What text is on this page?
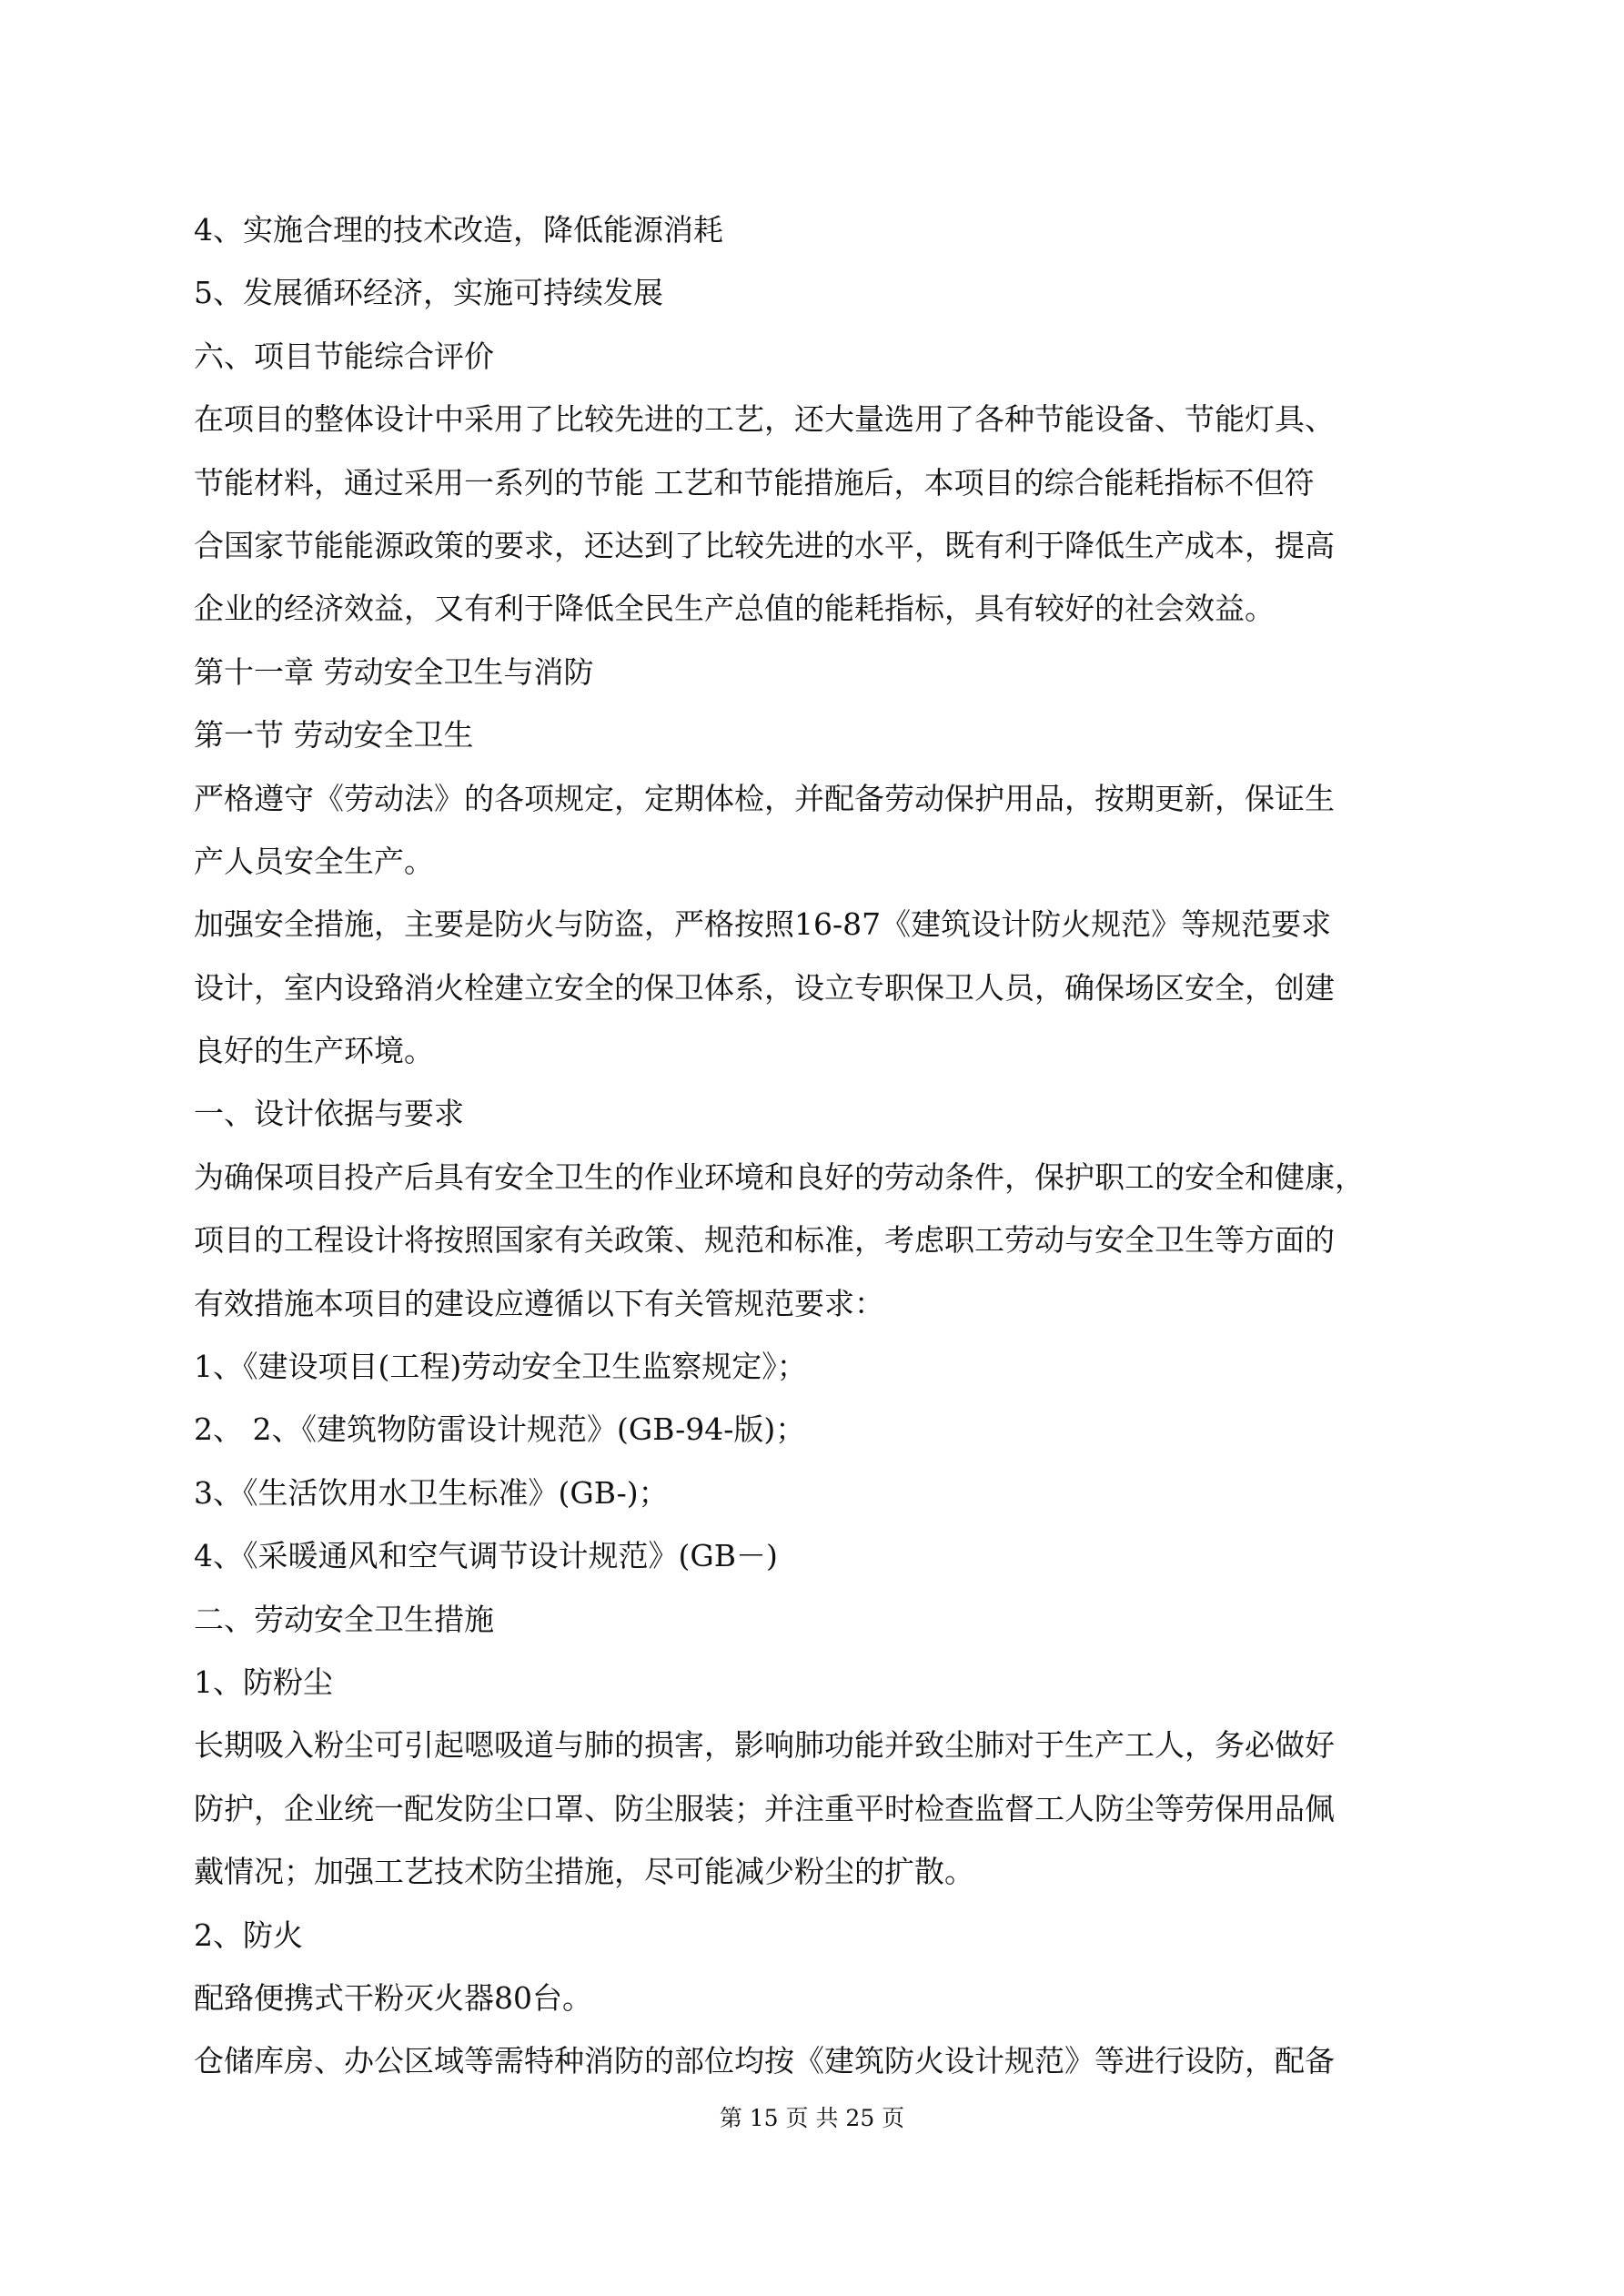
4、实施合理的技术改造，降低能源消耗
5、发展循环经济，实施可持续发展
六、项目节能综合评价
在项目的整体设计中采用了比较先进的工艺，还大量选用了各种节能设备、节能灯具、
节能材料，通过采用一系列的节能 工艺和节能措施后，本项目的综合能耗指标不但符
合国家节能能源政策的要求，还达到了比较先进的水平，既有利于降低生产成本，提高
企业的经济效益，又有利于降低全民生产总值的能耗指标，具有较好的社会效益。
第十一章 劳动安全卫生与消防
第一节 劳动安全卫生
严格遵守《劳动法》的各项规定，定期体检，并配备劳动保护用品，按期更新，保证生
产人员安全生产。
加强安全措施，主要是防火与防盗，严格按照16-87《建筑设计防火规范》等规范要求
设计，室内设臵消火栓建立安全的保卫体系，设立专职保卫人员，确保场区安全，创建
良好的生产环境。
一、设计依据与要求
为确保项目投产后具有安全卫生的作业环境和良好的劳动条件，保护职工的安全和健康，
项目的工程设计将按照国家有关政策、规范和标准，考虑职工劳动与安全卫生等方面的
有效措施本项目的建设应遵循以下有关管规范要求：
1、《建设项目(工程)劳动安全卫生监察规定》；
2、 2、《建筑物防雷设计规范》(GB-94-版)；
3、《生活饮用水卫生标准》(GB-)；
4、《采暖通风和空气调节设计规范》(GB－)
二、劳动安全卫生措施
1、防粉尘
长期吸入粉尘可引起嗯吸道与肺的损害，影响肺功能并致尘肺对于生产工人，务必做好
防护，企业统一配发防尘口罩、防尘服装；并注重平时检查监督工人防尘等劳保用品佩
戴情况；加强工艺技术防尘措施，尽可能减少粉尘的扩散。
2、防火
配臵便携式干粉灭火器80台。
仓储库房、办公区域等需特种消防的部位均按《建筑防火设计规范》等进行设防，配备
第 15 页 共 25 页
